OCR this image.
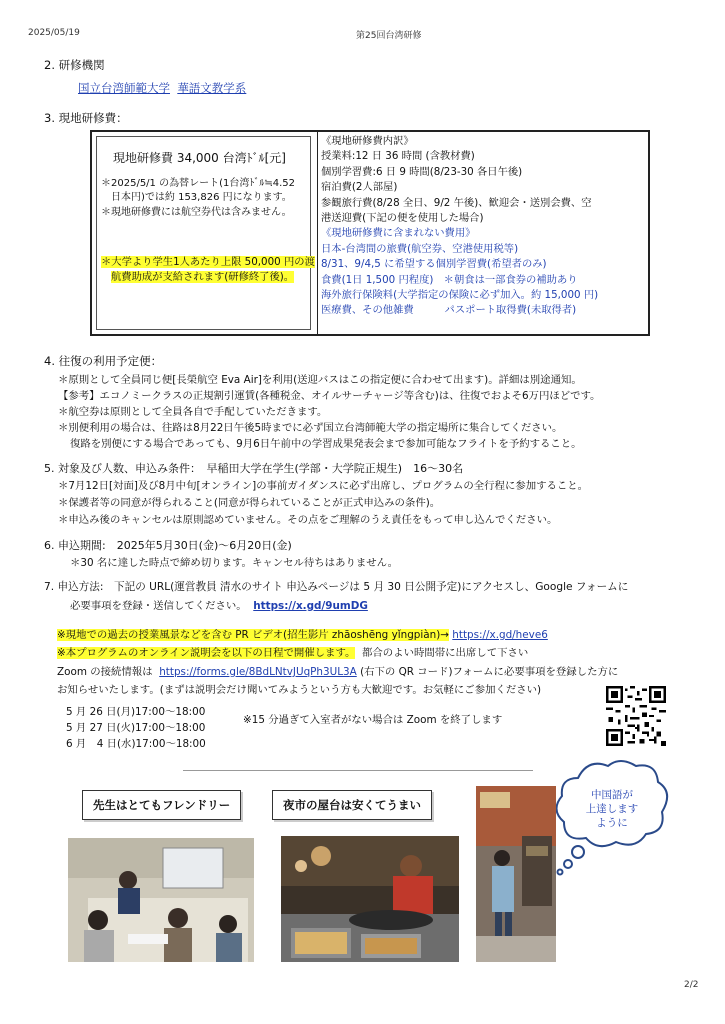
2025/05/19	第25回台湾研修
2/2
2. 研修機関
国立台湾師範大学 華語文教学系
3. 現地研修費：
現地研修費 34,000 台湾ﾄﾞﾙ[元]
＊2025/5/1 の為替レート(1台湾ﾄﾞﾙ≒4.52
日本円)では約 153,826 円になります。
＊現地研修費には航空券代は含みません。
＊大学より学生1人あたり上限 50,000 円の渡
航費助成が支給されます(研修終了後)。
《現地研修費内訳》
授業料:12 日 36 時間 (含教材費)
個別学習費:6 日 9 時間(8/23-30 各日午後)
宿泊費(2人部屋)
参観旅行費(8/28 全日、9/2 午後)、歓迎会・送別会費、空
港送迎費(下記の便を使用した場合)
《現地研修費に含まれない費用》
日本-台湾間の旅費(航空券、空港使用税等)
8/31、9/4,5 に希望する個別学習費(希望者のみ)
食費(1日 1,500 円程度)　＊朝食は一部食券の補助あり
海外旅行保険料(大学指定の保険に必ず加入。約 15,000 円)
医療費、その他雑費　　　パスポート取得費(未取得者)
4. 往復の利用予定便：
＊原則として全員同じ便[長榮航空 Eva Air]を利用(送迎バスはこの指定便に合わせて出ます)。詳細は別途通知。
【参考】エコノミークラスの正規割引運賃(各種税金、オイルサーチャージ等含む)は、往復でおよそ6万円ほどです。
＊航空券は原則として全員各自で手配していただきます。
＊別便利用の場合は、往路は8月22日午後5時までに必ず国立台湾師範大学の指定場所に集合してください。
復路を別便にする場合であっても、9月6日午前中の学習成果発表会まで参加可能なフライトを予約すること。
5. 対象及び人数、申込み条件：　早稲田大学在学生(学部・大学院正規生)　16～30名
＊7月12日[対面]及び8月中旬[オンライン]の事前ガイダンスに必ず出席し、プログラムの全行程に参加すること。
＊保護者等の同意が得られること(同意が得られていることが正式申込みの条件)。
＊申込み後のキャンセルは原則認めていません。その点をご理解のうえ責任をもって申し込んでください。
6. 申込期間:　2025年5月30日(金)～6月20日(金)
＊30 名に達した時点で締め切ります。キャンセル待ちはありません。
7. 申込方法:　下記の URL(運営教員 清水のサイト 申込みページは 5 月 30 日公開予定)にアクセスし、Google フォームに
必要事項を登録・送信してください。 https://x.gd/9umDG
※現地での過去の授業風景などを含む PR ビデオ(招生影片 zhāoshēng yǐngpiàn)→ https://x.gd/heve6
※本プログラムのオンライン説明会を以下の日程で開催します。 都合のよい時間帯に出席して下さい
Zoom の接続情報は https://forms.gle/8BdLNtvJUqPh3UL3A (右下の QR コード)フォームに必要事項を登録した方に
お知らせいたします。(まずは説明会だけ聞いてみようという方も大歓迎です。お気軽にご参加ください)
5 月 26 日(月)17:00～18:00
5 月 27 日(火)17:00～18:00
6 月　4 日(水)17:00～18:00
※15 分過ぎて入室者がない場合は Zoom を終了します
先生はとてもフレンドリー	夜市の屋台は安くてうまい
中国語が
上達します
ように
